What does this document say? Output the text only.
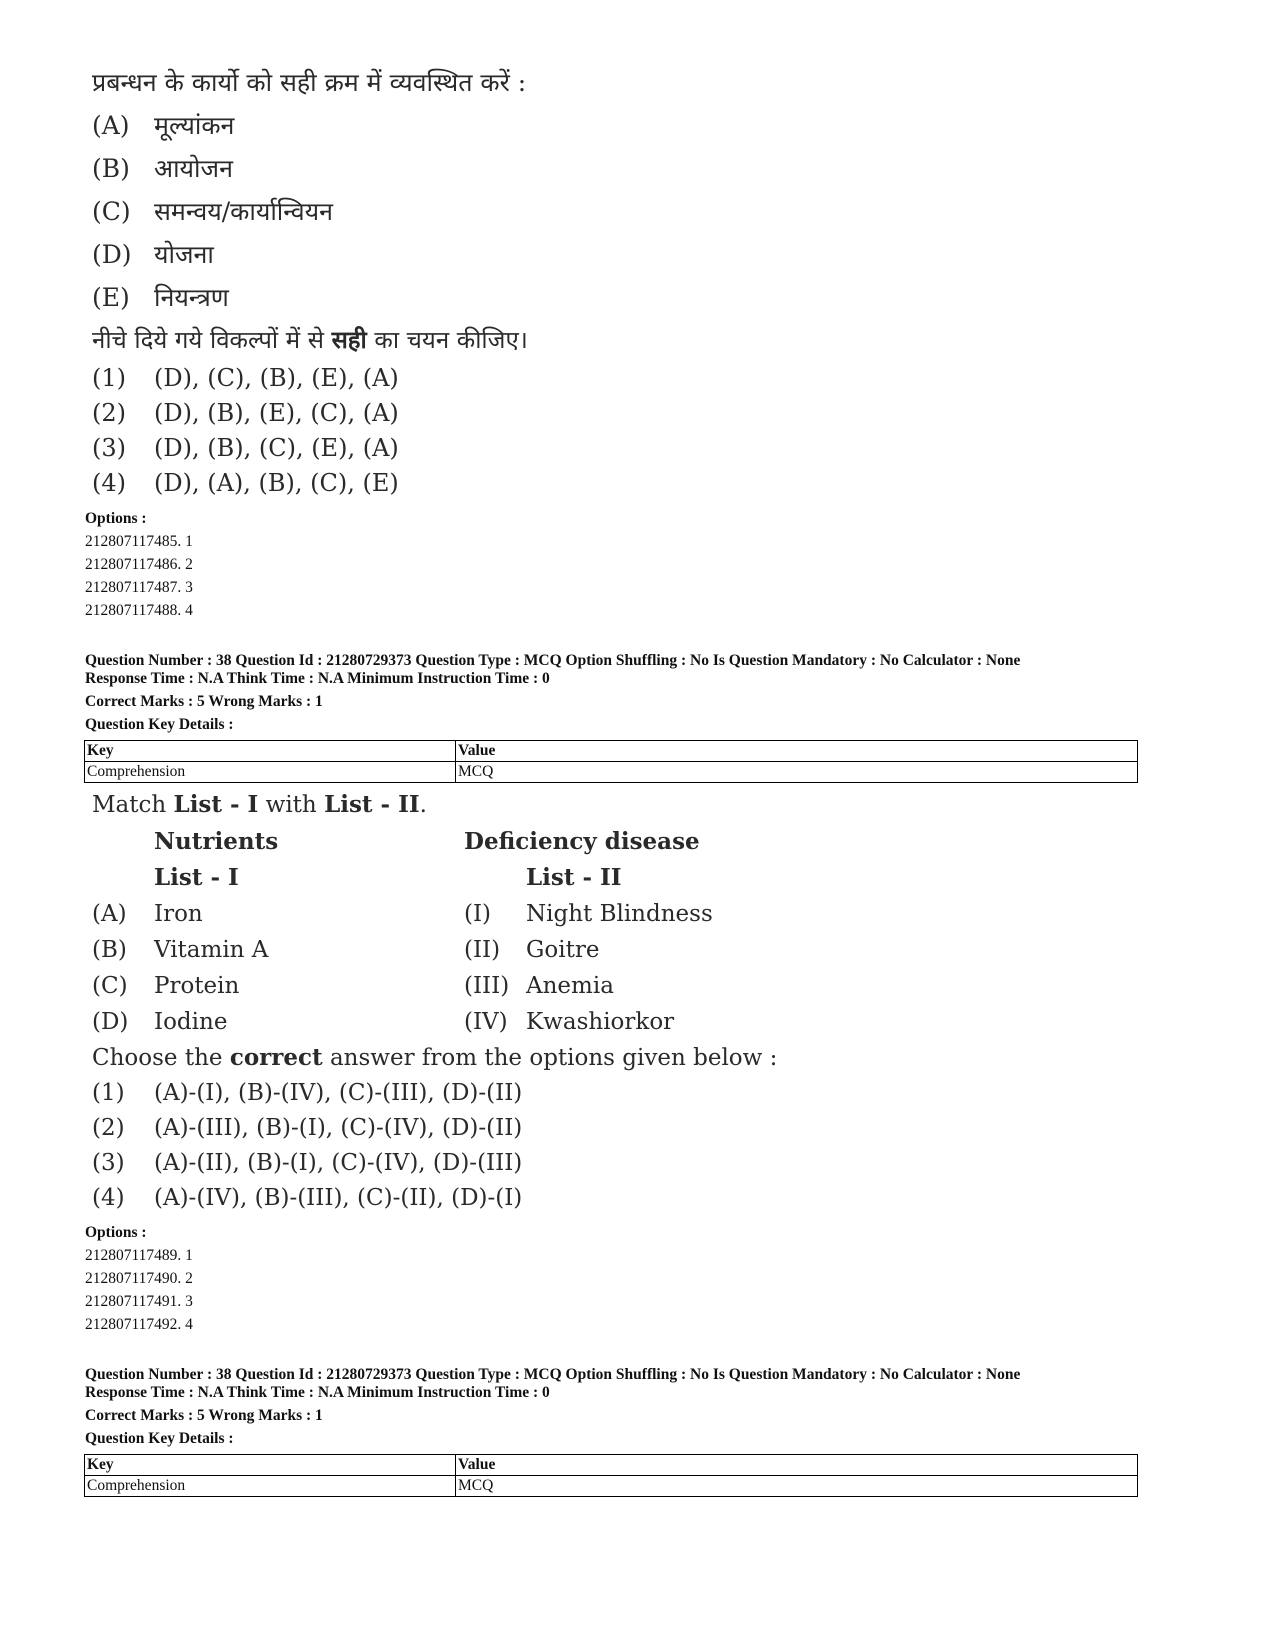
प्रबन्धन के कार्यो को सही क्रम में व्यवस्थित करें :
(A) मूल्यांकन
(B) आयोजन
(C) समन्वय/कार्यान्वियन
(D) योजना
(E) नियन्त्रण
नीचे दिये गये विकल्पों में से सही का चयन कीजिए।
(1)	(D), (C), (B), (E), (A)
(2)	(D), (B), (E), (C), (A)
(3)	(D), (B), (C), (E), (A)
(4)	(D), (A), (B), (C), (E)
Options :
212807117485. 1
212807117486. 2
212807117487. 3
212807117488. 4
Question Number : 38 Question Id : 21280729373 Question Type : MCQ Option Shuffling : No Is Question Mandatory : No Calculator : None
Response Time : N.A Think Time : N.A Minimum Instruction Time : 0
Correct Marks : 5 Wrong Marks : 1
Question Key Details :
Key	Value
Comprehension	MCQ
Match List - I with List - II.
Nutrients	Deficiency disease
List - I	List - II
(A)	Iron	(I)	Night Blindness
(B)	Vitamin A	(II)	Goitre
(C)	Protein	(III) Anemia
(D)	Iodine	(IV) Kwashiorkor
Choose the correct answer from the options given below :
(1)	(A)-(I), (B)-(IV), (C)-(III), (D)-(II)
(2)	(A)-(III), (B)-(I), (C)-(IV), (D)-(II)
(3)	(A)-(II), (B)-(I), (C)-(IV), (D)-(III)
(4)	(A)-(IV), (B)-(III), (C)-(II), (D)-(I)
Options :
212807117489. 1
212807117490. 2
212807117491. 3
212807117492. 4
Question Number : 38 Question Id : 21280729373 Question Type : MCQ Option Shuffling : No Is Question Mandatory : No Calculator : None
Response Time : N.A Think Time : N.A Minimum Instruction Time : 0
Correct Marks : 5 Wrong Marks : 1
Question Key Details :
Key	Value
Comprehension	MCQ
